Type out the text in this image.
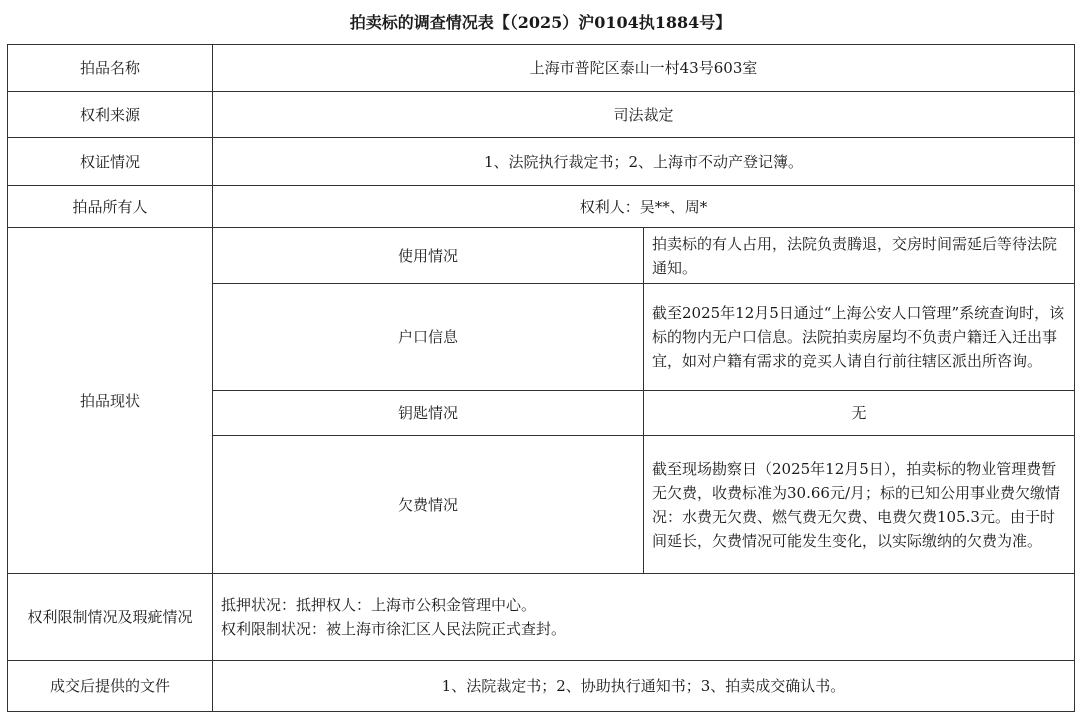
拍卖标的调查情况表【（2025）沪0104执1884号】
拍品名称	上海市普陀区泰山一村43号603室	
权利来源	司法裁定	
权证情况	1、法院执行裁定书；2、上海市不动产登记簿。	
拍品所有人	权利人：吴**、周*	
拍品现状	使用情况	拍卖标的有人占用，法院负责腾退，交房时间需延后等待法院通知。
	户口信息	截至2025年12月5日通过“上海公安人口管理”系统查询时，该标的物内无户口信息。法院拍卖房屋均不负责户籍迁入迁出事宜，如对户籍有需求的竞买人请自行前往辖区派出所咨询。
	钥匙情况	无
	欠费情况	截至现场勘察日（2025年12月5日），拍卖标的物业管理费暂无欠费，收费标准为30.66元/月；标的已知公用事业费欠缴情况：水费无欠费、燃气费无欠费、电费欠费105.3元。由于时间延长，欠费情况可能发生变化，以实际缴纳的欠费为准。
权利限制情况及瑕疵情况	抵押状况：抵押权人：上海市公积金管理中心。
权利限制状况：被上海市徐汇区人民法院正式查封。	

成交后提供的文件	1、法院裁定书；2、协助执行通知书；3、拍卖成交确认书。	
